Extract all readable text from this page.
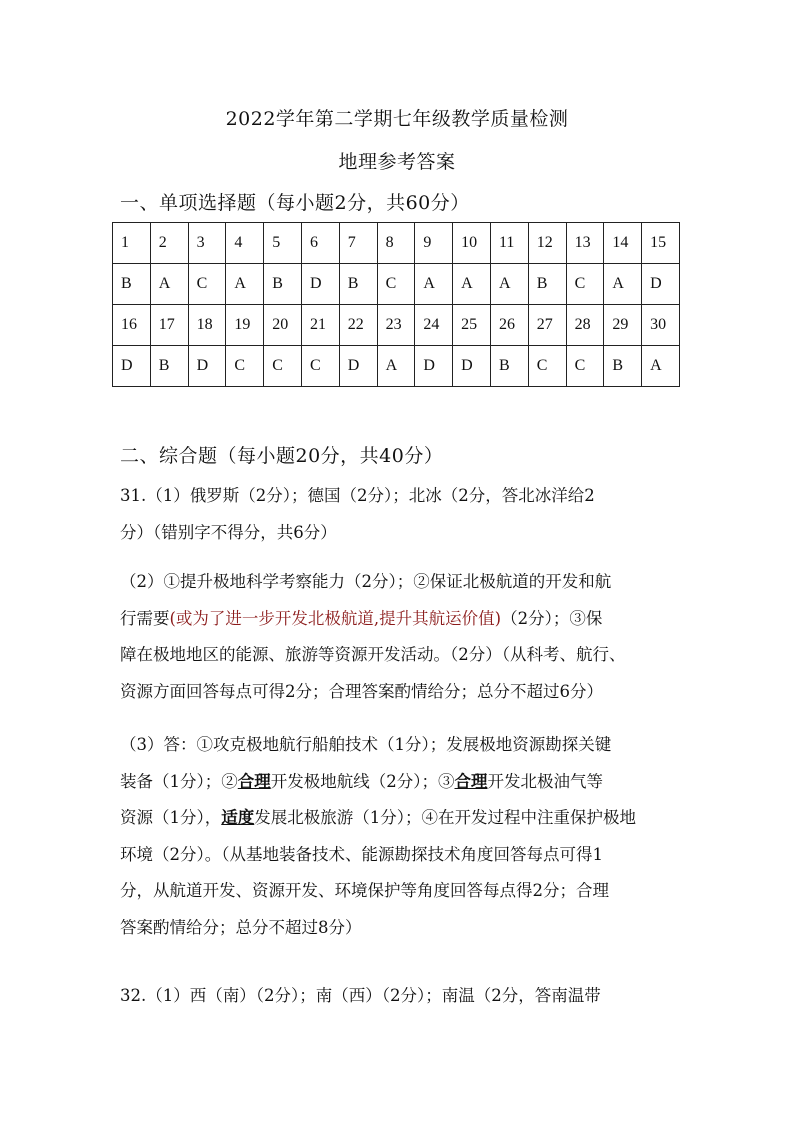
2022学年第二学期七年级教学质量检测
地理参考答案
一、单项选择题（每小题2分，共60分）
1	2	3	4	5	6	7	8	9	10	11	12	13	14	15
B	A	C	A	B	D	B	C	A	A	A	B	C	A	D
16	17	18	19	20	21	22	23	24	25	26	27	28	29	30
D	B	D	C	C	C	D	A	D	D	B	C	C	B	A
二、综合题（每小题20分，共40分）
31.（1）俄罗斯（2分）；德国（2分）；北冰（2分，答北冰洋给2
分）（错别字不得分，共6分）
（2）①提升极地科学考察能力（2分）；②保证北极航道的开发和航
行需要(或为了进一步开发北极航道,提升其航运价值)（2分）；③保
障在极地地区的能源、旅游等资源开发活动。（2分）（从科考、航行、
资源方面回答每点可得2分；合理答案酌情给分；总分不超过6分）
（3）答：①攻克极地航行船舶技术（1分）；发展极地资源勘探关键
装备（1分）；②合理开发极地航线（2分）；③合理开发北极油气等
资源（1分），适度发展北极旅游（1分）；④在开发过程中注重保护极地
环境（2分）。（从基地装备技术、能源勘探技术角度回答每点可得1
分，从航道开发、资源开发、环境保护等角度回答每点得2分；合理
答案酌情给分；总分不超过8分）
32.（1）西（南）（2分）；南（西）（2分）；南温（2分，答南温带
